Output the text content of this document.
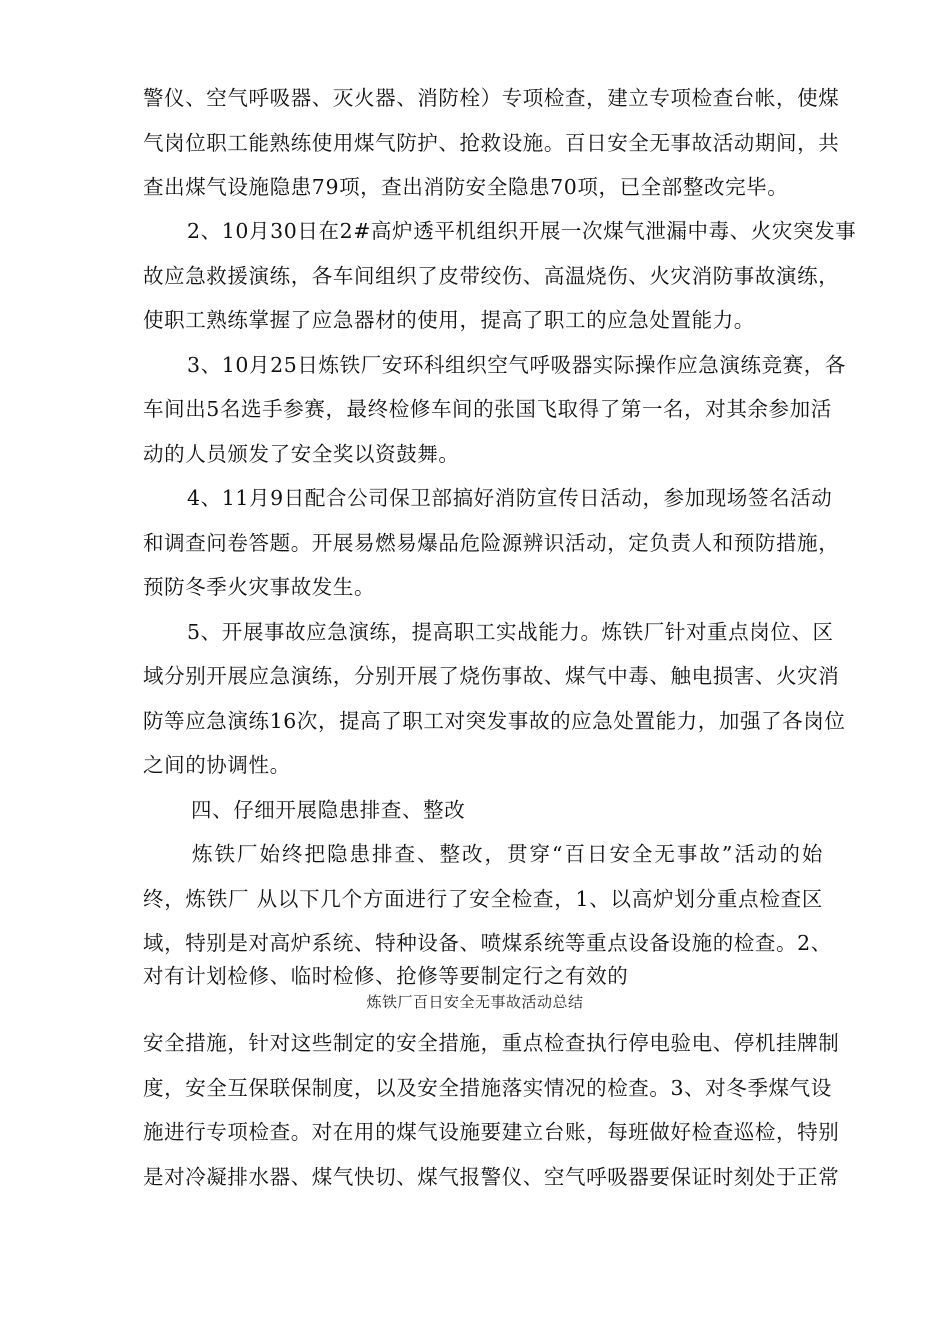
警仪、空气呼吸器、灭火器、消防栓）专项检查，建立专项检查台帐，使煤
气岗位职工能熟练使用煤气防护、抢救设施。百日安全无事故活动期间，共
查出煤气设施隐患79项，查出消防安全隐患70项，已全部整改完毕。
2、10月30日在2#高炉透平机组织开展一次煤气泄漏中毒、火灾突发事
故应急救援演练，各车间组织了皮带绞伤、高温烧伤、火灾消防事故演练，
使职工熟练掌握了应急器材的使用，提高了职工的应急处置能力。
3、10月25日炼铁厂安环科组织空气呼吸器实际操作应急演练竞赛，各
车间出5名选手参赛，最终检修车间的张国飞取得了第一名，对其余参加活
动的人员颁发了安全奖以资鼓舞。
4、11月9日配合公司保卫部搞好消防宣传日活动，参加现场签名活动
和调查问卷答题。开展易燃易爆品危险源辨识活动，定负责人和预防措施，
预防冬季火灾事故发生。
5、开展事故应急演练，提高职工实战能力。炼铁厂针对重点岗位、区
域分别开展应急演练，分别开展了烧伤事故、煤气中毒、触电损害、火灾消
防等应急演练16次，提高了职工对突发事故的应急处置能力，加强了各岗位
之间的协调性。
四、仔细开展隐患排查、整改
炼铁厂始终把隐患排查、整改，贯穿“百日安全无事故”活动的始
终，炼铁厂 从以下几个方面进行了安全检查，1、以高炉划分重点检查区
域，特别是对高炉系统、特种设备、喷煤系统等重点设备设施的检查。2、
对有计划检修、临时检修、抢修等要制定行之有效的
炼铁厂百日安全无事故活动总结
安全措施，针对这些制定的安全措施，重点检查执行停电验电、停机挂牌制
度，安全互保联保制度，以及安全措施落实情况的检查。3、对冬季煤气设
施进行专项检查。对在用的煤气设施要建立台账，每班做好检查巡检，特别
是对冷凝排水器、煤气快切、煤气报警仪、空气呼吸器要保证时刻处于正常
